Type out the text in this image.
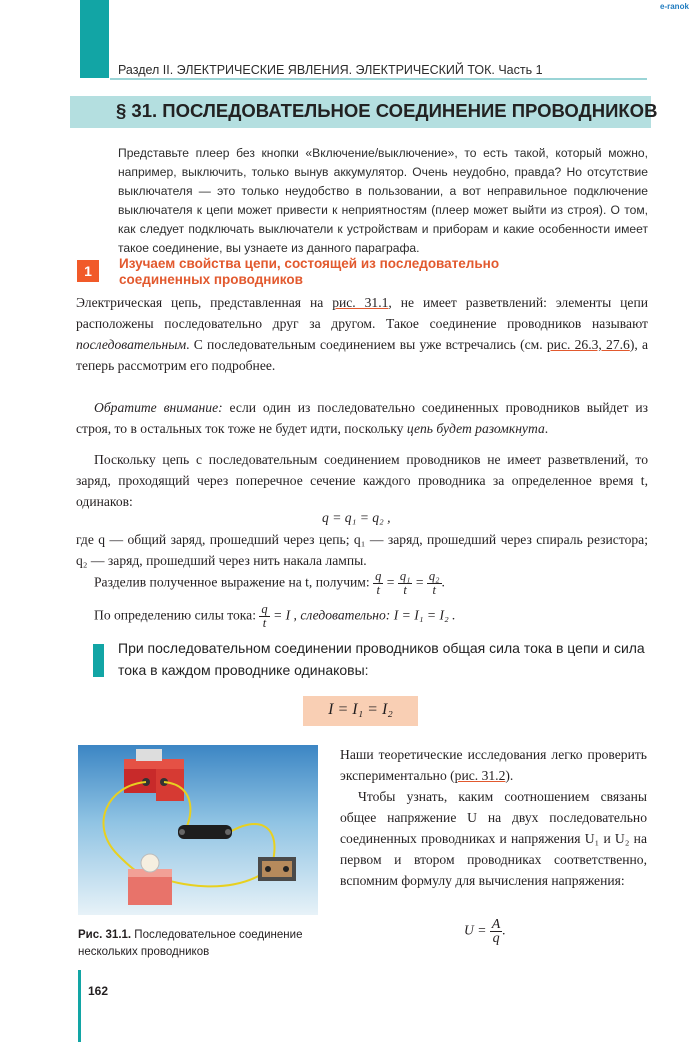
e-ranok
Раздел II. ЭЛЕКТРИЧЕСКИЕ ЯВЛЕНИЯ. ЭЛЕКТРИЧЕСКИЙ ТОК. Часть 1
§ 31. ПОСЛЕДОВАТЕЛЬНОЕ СОЕДИНЕНИЕ ПРОВОДНИКОВ
Представьте плеер без кнопки «Включение/выключение», то есть такой, который можно, например, выключить, только вынув аккумулятор. Очень неудобно, правда? Но отсутствие выключателя — это только неудобство в пользовании, а вот неправильное подключение выключателя к цепи может привести к неприятностям (плеер может выйти из строя). О том, как следует подключать выключатели к устройствам и приборам и какие особенности имеет такое соединение, вы узнаете из данного параграфа.
1	Изучаем свойства цепи, состоящей из последовательно соединенных проводников
Электрическая цепь, представленная на рис. 31.1, не имеет разветвлений: элементы цепи расположены последовательно друг за другом. Такое соединение проводников называют последовательным. С последовательным соединением вы уже встречались (см. рис. 26.3, 27.6), а теперь рассмотрим его подробнее.
Обратите внимание: если один из последовательно соединенных проводников выйдет из строя, то в остальных ток тоже не будет идти, поскольку цепь будет разомкнута.
Поскольку цепь с последовательным соединением проводников не имеет разветвлений, то заряд, проходящий через поперечное сечение каждого проводника за определенное время t, одинаков:
q = q₁ = q₂ ,
где q — общий заряд, прошедший через цепь; q₁ — заряд, прошедший через спираль резистора; q₂ — заряд, прошедший через нить накала лампы.
Разделив полученное выражение на t, получим: $\frac{q}{t} = \frac{\text{q₁}}{t} = \frac{\text{q₂}}{t}$ .
По определению силы тока: $\frac{q}{t} = I$ , следовательно: I = I₁ = I₂ .
При последовательном соединении проводников общая сила тока в цепи и сила тока в каждом проводнике одинаковы:
I = I₁ = I₂
Рис. 31.1. Последовательное соединение нескольких проводников
Наши теоретические исследования легко проверить экспериментально (рис. 31.2).
Чтобы узнать, каким соотношением связаны общее напряжение U на двух последовательно соединенных проводниках и напряжения U₁ и U₂ на первом и втором проводниках соответственно, вспомним формулу для вычисления напряжения:
$U = \frac{A}{q}$ .
162
